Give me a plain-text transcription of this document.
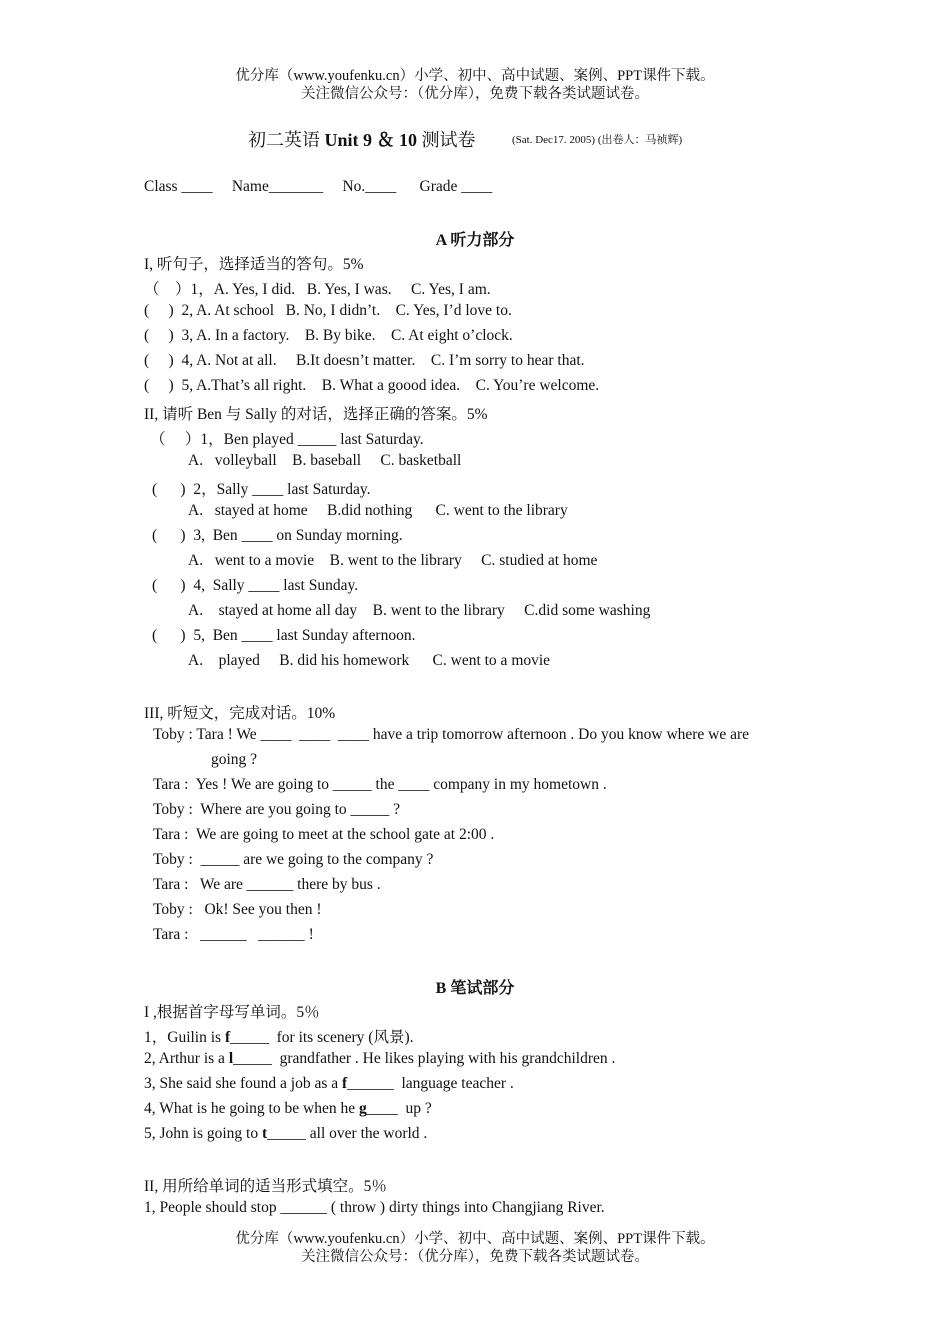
优分库（www.youfenku.cn）小学、初中、高中试题、案例、PPT课件下载。
关注微信公众号：（优分库），免费下载各类试题试卷。
初二英语 Unit 9 ＆ 10 测试卷	(Sat. Dec17. 2005) (出卷人：马祯辉)
Class ____     Name_______     No.____      Grade ____
A 听力部分
I, 听句子，选择适当的答句。5%
（    ）1，A. Yes, I did.   B. Yes, I was.     C. Yes, I am.
(     )  2, A. At school   B. No, I didn’t.    C. Yes, I’d love to.
(     )  3, A. In a factory.    B. By bike.    C. At eight o’clock.
(     )  4, A. Not at all.     B.It doesn’t matter.    C. I’m sorry to hear that.
(     )  5, A.That’s all right.    B. What a goood idea.    C. You’re welcome.
II, 请听 Ben 与 Sally 的对话，选择正确的答案。5%
（     ）1，Ben played _____ last Saturday.
A.   volleyball    B. baseball     C. basketball
(      )  2，Sally ____ last Saturday.
A.   stayed at home     B.did nothing      C. went to the library
(      )  3,  Ben ____ on Sunday morning.
A.   went to a movie    B. went to the library     C. studied at home
(      )  4,  Sally ____ last Sunday.
A.    stayed at home all day    B. went to the library     C.did some washing
(      )  5,  Ben ____ last Sunday afternoon.
A.    played     B. did his homework      C. went to a movie
III, 听短文，完成对话。10%
Toby : Tara ! We ____  ____  ____ have a trip tomorrow afternoon . Do you know where we are
going ?
Tara :  Yes ! We are going to _____ the ____ company in my hometown .
Toby :  Where are you going to _____ ?
Tara :  We are going to meet at the school gate at 2:00 .
Toby :  _____ are we going to the company ?
Tara :   We are ______ there by bus .
Toby :   Ok! See you then !
Tara :   ______   ______ !
B 笔试部分
I ,根据首字母写单词。5％
1，Guilin is f_____  for its scenery (风景).
2, Arthur is a l_____  grandfather . He likes playing with his grandchildren .
3, She said she found a job as a f______  language teacher .
4, What is he going to be when he g____  up ?
5, John is going to t_____ all over the world .
II, 用所给单词的适当形式填空。5％
1, People should stop ______ ( throw ) dirty things into Changjiang River.
优分库（www.youfenku.cn）小学、初中、高中试题、案例、PPT课件下载。
关注微信公众号：（优分库），免费下载各类试题试卷。
